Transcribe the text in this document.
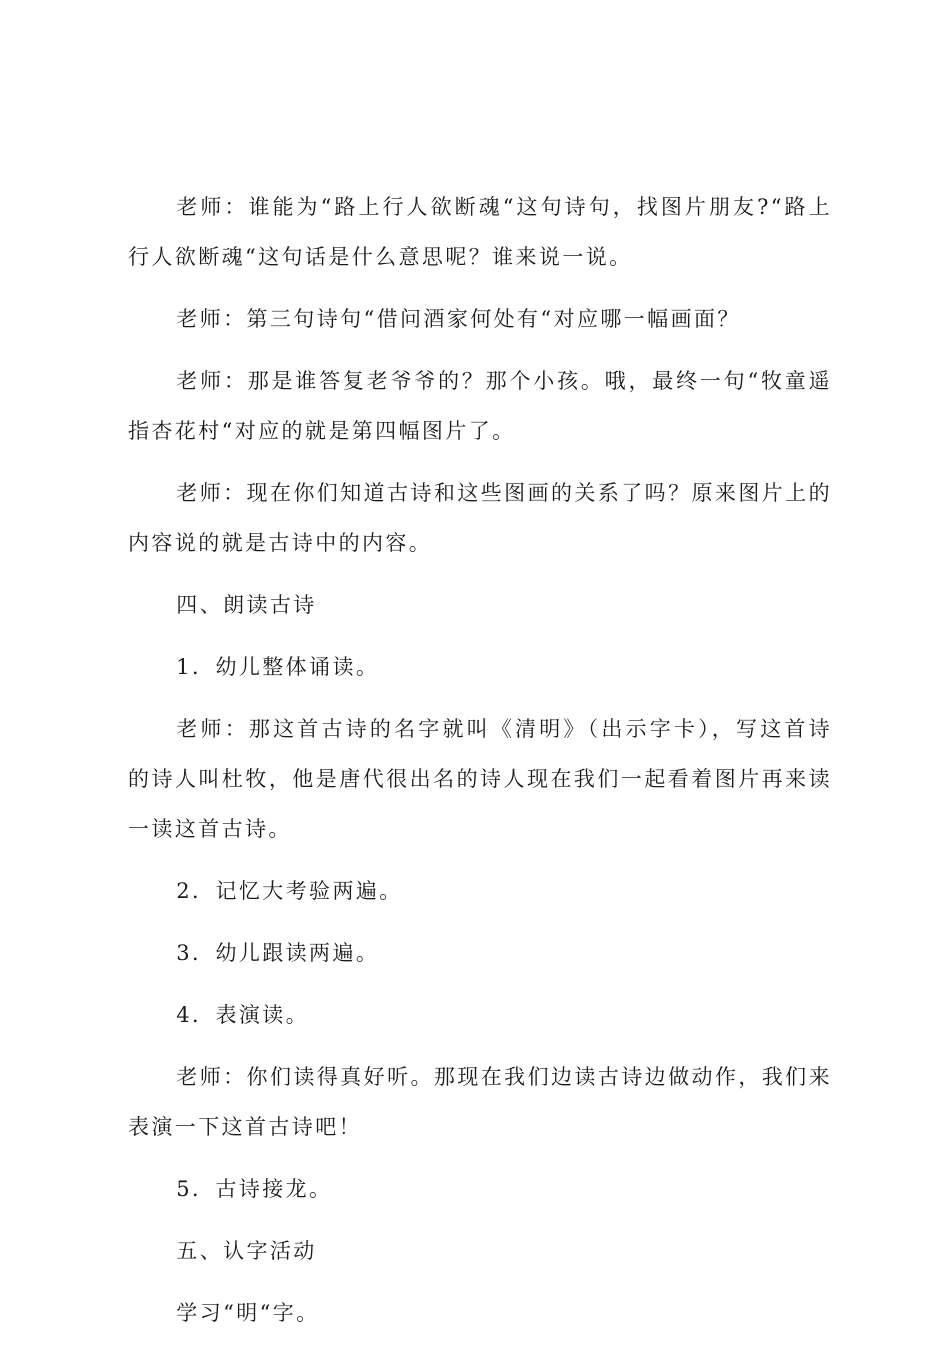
老师：谁能为“路上行人欲断魂“这句诗句，找图片朋友?“路上行人欲断魂“这句话是什么意思呢？谁来说一说。

老师：第三句诗句“借问酒家何处有“对应哪一幅画面？

老师：那是谁答复老爷爷的？那个小孩。哦，最终一句“牧童遥指杏花村“对应的就是第四幅图片了。

老师：现在你们知道古诗和这些图画的关系了吗？原来图片上的内容说的就是古诗中的内容。

四、朗读古诗

1．幼儿整体诵读。

老师：那这首古诗的名字就叫《清明》（出示字卡），写这首诗的诗人叫杜牧，他是唐代很出名的诗人现在我们一起看着图片再来读一读这首古诗。

2．记忆大考验两遍。

3．幼儿跟读两遍。

4．表演读。

老师：你们读得真好听。那现在我们边读古诗边做动作，我们来表演一下这首古诗吧！

5．古诗接龙。

五、认字活动

学习“明“字。
